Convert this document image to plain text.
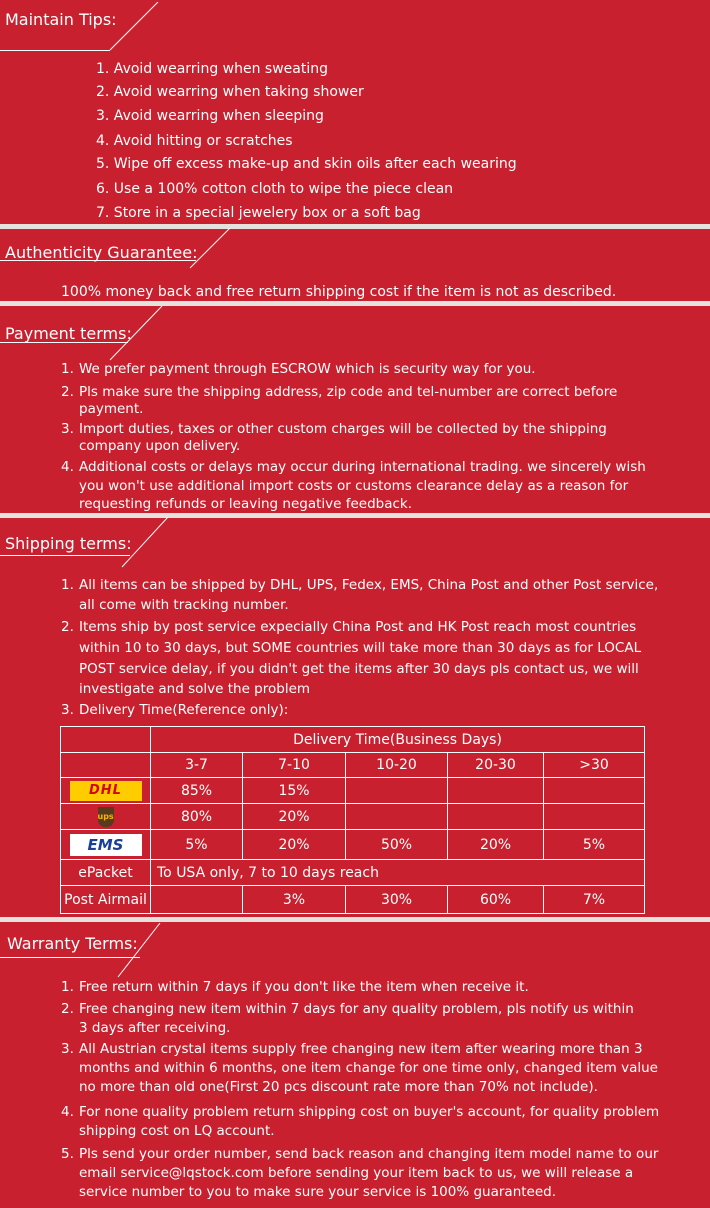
Maintain Tips:
1. Avoid wearring when sweating
2. Avoid wearring when taking shower
3. Avoid wearring when sleeping
4. Avoid hitting or scratches
5. Wipe off excess make-up and skin oils after each wearing
6. Use a 100% cotton cloth to wipe the piece clean
7. Store in a special jewelery box or a soft bag
Authenticity Guarantee:
100% money back and free return shipping cost if the item is not as described.
Payment terms:
1. We prefer payment through ESCROW which is security way for you.
2. Pls make sure the shipping address, zip code and tel-number are correct before
payment.
3. Import duties, taxes or other custom charges will be collected by the shipping
company upon delivery.
4. Additional costs or delays may occur during international trading. we sincerely wish
you won't use additional import costs or customs clearance delay as a reason for
requesting refunds or leaving negative feedback.
Shipping terms:
1. All items can be shipped by DHL, UPS, Fedex, EMS, China Post and other Post service,
all come with tracking number.
2. Items ship by post service expecially China Post and HK Post reach most countries
within 10 to 30 days, but SOME countries will take more than 30 days as for LOCAL
POST service delay, if you didn't get the items after 30 days pls contact us, we will
investigate and solve the problem
3. Delivery Time(Reference only):
	Delivery Time(Business Days)				
	3-7	7-10	10-20	20-30	>30
DHL	85%	15%			
ups	80%	20%			
EMS	5%	20%	50%	20%	5%
ePacket	To USA only, 7 to 10 days reach				
Post Airmail		3%	30%	60%	7%
Warranty Terms:
1. Free return within 7 days if you don't like the item when receive it.
2. Free changing new item within 7 days for any quality problem, pls notify us within
3 days after receiving.
3. All Austrian crystal items supply free changing new item after wearing more than 3
months and within 6 months, one item change for one time only, changed item value
no more than old one(First 20 pcs discount rate more than 70% not include).
4. For none quality problem return shipping cost on buyer's account, for quality problem
shipping cost on LQ account.
5. Pls send your order number, send back reason and changing item model name to our
email service@lqstock.com before sending your item back to us, we will release a
service number to you to make sure your service is 100% guaranteed.
